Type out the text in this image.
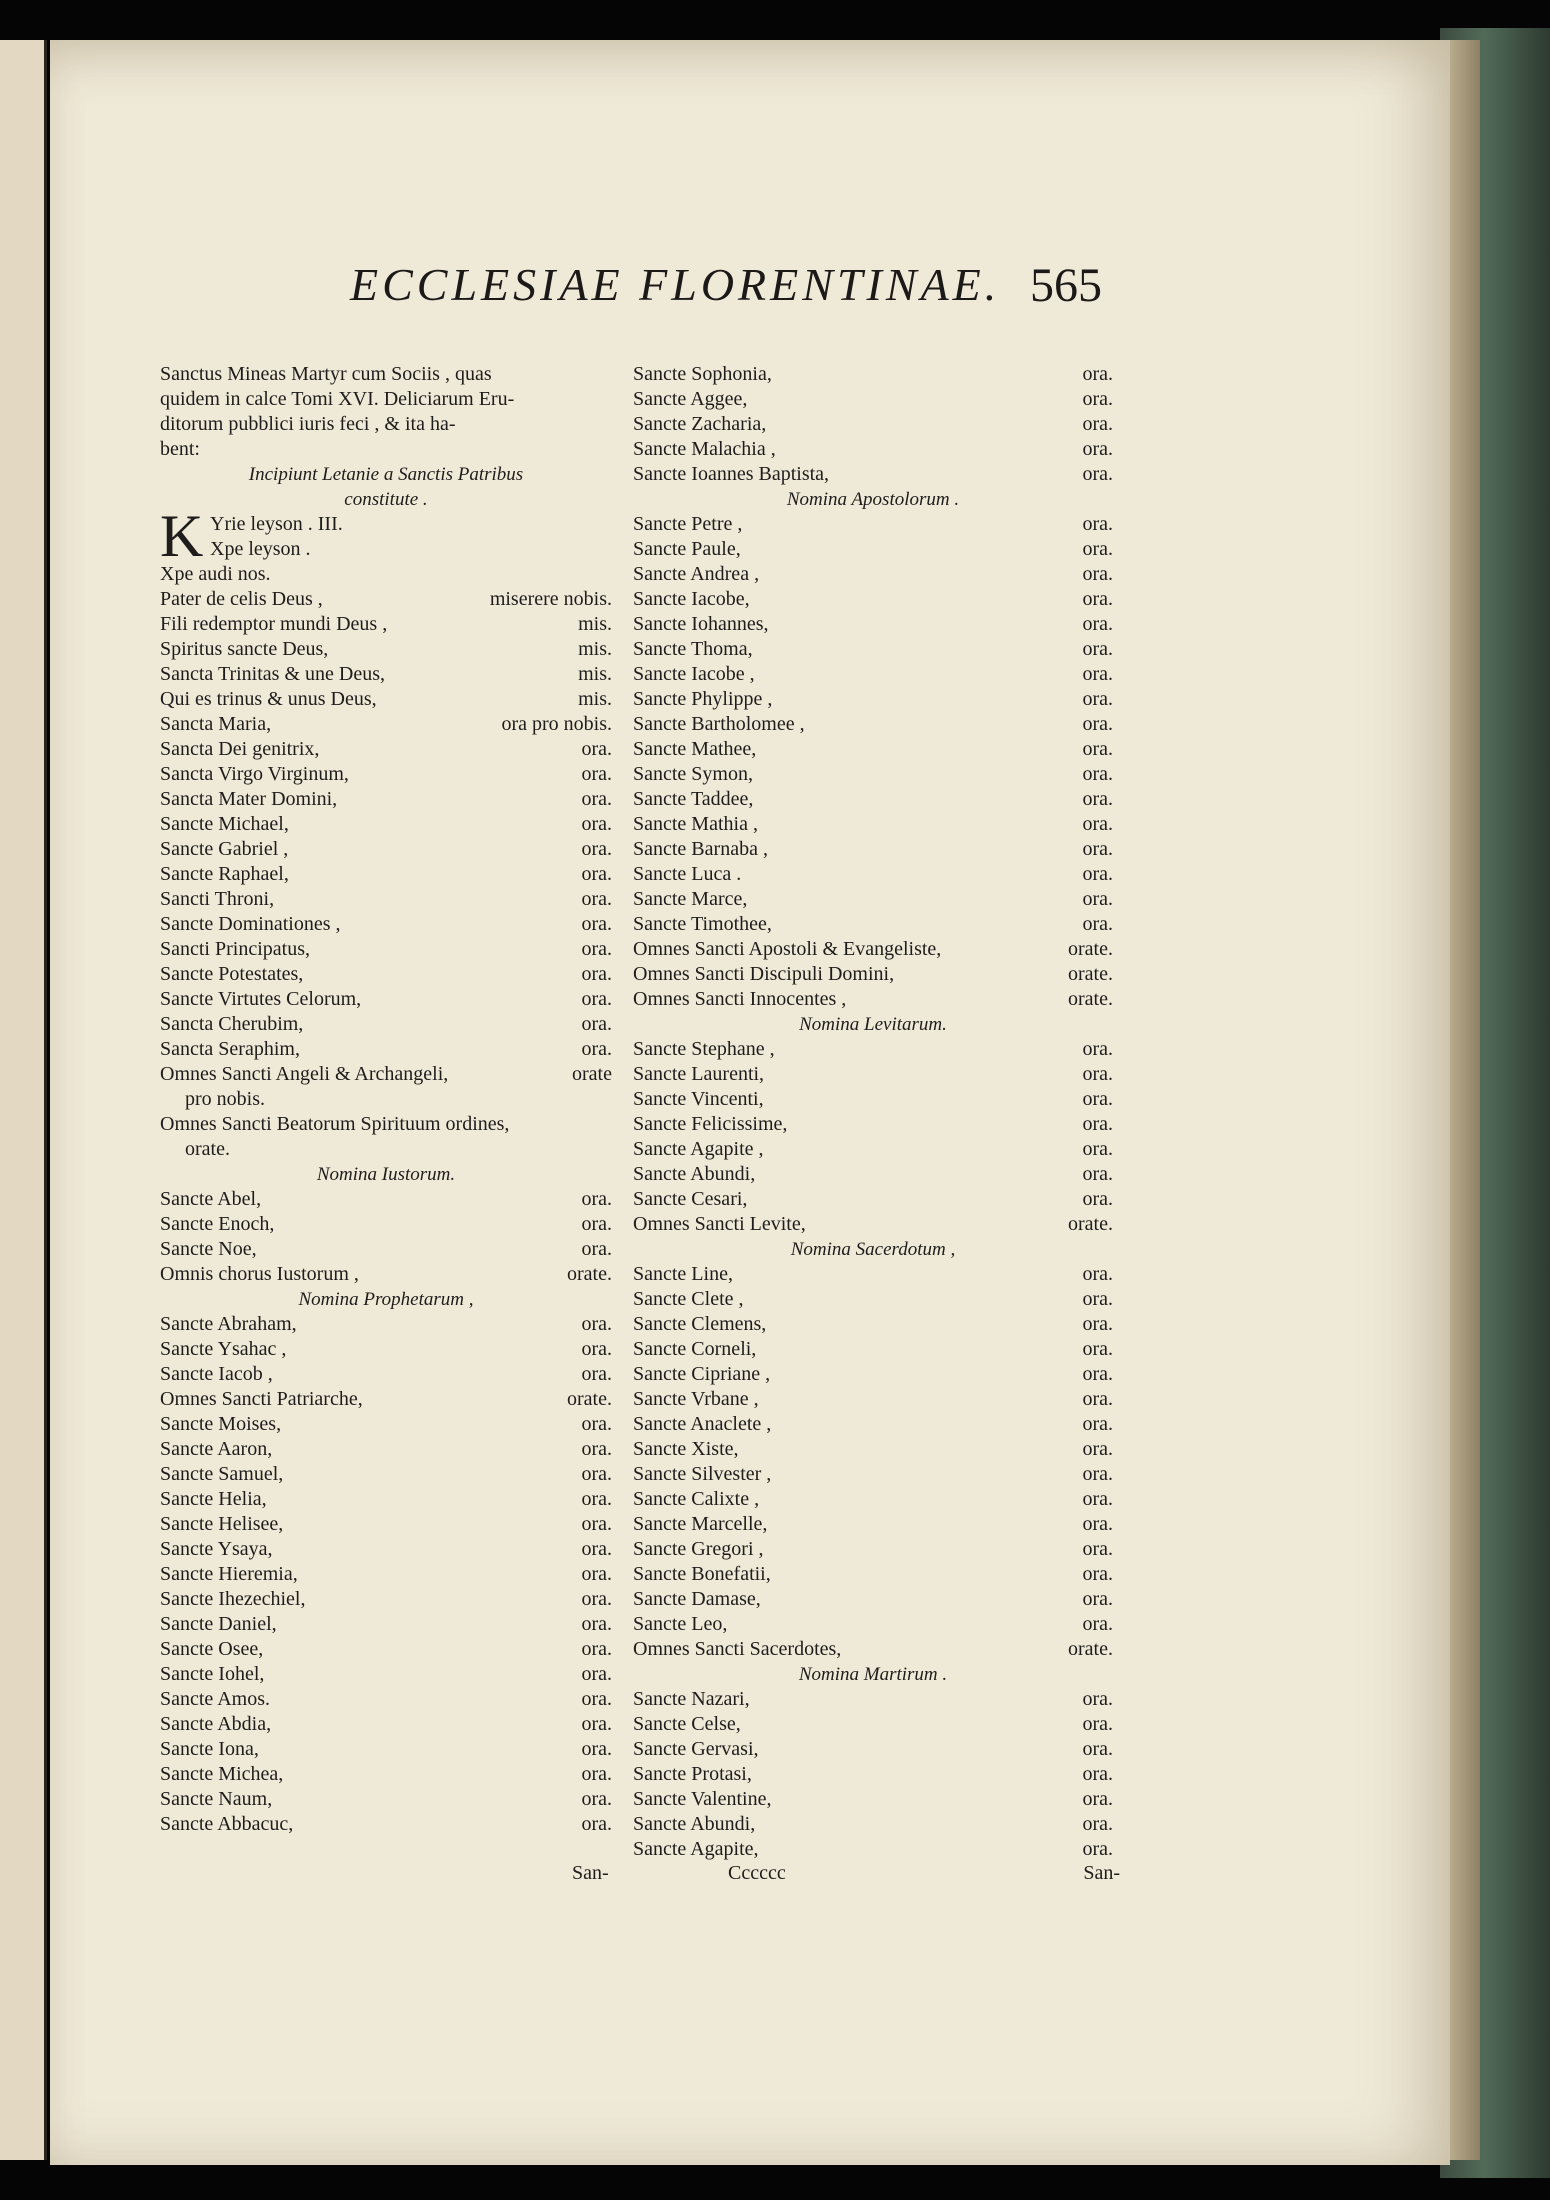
ECCLESIAE FLORENTINAE. 565

Sanctus Mineas Martyr cum Sociis , quas

quidem in calce Tomi XVI. Deliciarum Eru-

ditorum pubblici iuris feci , & ita ha-

bent:

Incipiunt Letanie a Sanctis Patribus
constitute .
K Yrie leyson . III.
Xpe leyson .
Xpe audi nos.
Pater de celis Deus ,	miserere nobis.
Fili redemptor mundi Deus ,	mis.
Spiritus sancte Deus,	mis.
Sancta Trinitas & une Deus,	mis.
Qui es trinus & unus Deus,	mis.
Sancta Maria,	ora pro nobis.
Sancta Dei genitrix,	ora.
Sancta Virgo Virginum,	ora.
Sancta Mater Domini,	ora.
Sancte Michael,	ora.
Sancte Gabriel ,	ora.
Sancte Raphael,	ora.
Sancti Throni,	ora.
Sancte Dominationes ,	ora.
Sancti Principatus,	ora.
Sancte Potestates,	ora.
Sancte Virtutes Celorum,	ora.
Sancta Cherubim,	ora.
Sancta Seraphim,	ora.
Omnes Sancti Angeli & Archangeli,	orate
pro nobis.
Omnes Sancti Beatorum Spirituum ordines,
orate.
Nomina Iustorum.
Sancte Abel,	ora.
Sancte Enoch,	ora.
Sancte Noe,	ora.
Omnis chorus Iustorum ,	orate.
Nomina Prophetarum ,
Sancte Abraham,	ora.
Sancte Ysahac ,	ora.
Sancte Iacob ,	ora.
Omnes Sancti Patriarche,	orate.
Sancte Moises,	ora.
Sancte Aaron,	ora.
Sancte Samuel,	ora.
Sancte Helia,	ora.
Sancte Helisee,	ora.
Sancte Ysaya,	ora.
Sancte Hieremia,	ora.
Sancte Ihezechiel,	ora.
Sancte Daniel,	ora.
Sancte Osee,	ora.
Sancte Iohel,	ora.
Sancte Amos.	ora.
Sancte Abdia,	ora.
Sancte Iona,	ora.
Sancte Michea,	ora.
Sancte Naum,	ora.
Sancte Abbacuc,	ora.
Sancte Sophonia,	ora.
Sancte Aggee,	ora.
Sancte Zacharia,	ora.
Sancte Malachia ,	ora.
Sancte Ioannes Baptista,	ora.
Nomina Apostolorum .
Sancte Petre ,	ora.
Sancte Paule,	ora.
Sancte Andrea ,	ora.
Sancte Iacobe,	ora.
Sancte Iohannes,	ora.
Sancte Thoma,	ora.
Sancte Iacobe ,	ora.
Sancte Phylippe ,	ora.
Sancte Bartholomee ,	ora.
Sancte Mathee,	ora.
Sancte Symon,	ora.
Sancte Taddee,	ora.
Sancte Mathia ,	ora.
Sancte Barnaba ,	ora.
Sancte Luca .	ora.
Sancte Marce,	ora.
Sancte Timothee,	ora.
Omnes Sancti Apostoli & Evangeliste,	orate.
Omnes Sancti Discipuli Domini,	orate.
Omnes Sancti Innocentes ,	orate.
Nomina Levitarum.
Sancte Stephane ,	ora.
Sancte Laurenti,	ora.
Sancte Vincenti,	ora.
Sancte Felicissime,	ora.
Sancte Agapite ,	ora.
Sancte Abundi,	ora.
Sancte Cesari,	ora.
Omnes Sancti Levite,	orate.
Nomina Sacerdotum ,
Sancte Line,	ora.
Sancte Clete ,	ora.
Sancte Clemens,	ora.
Sancte Corneli,	ora.
Sancte Cipriane ,	ora.
Sancte Vrbane ,	ora.
Sancte Anaclete ,	ora.
Sancte Xiste,	ora.
Sancte Silvester ,	ora.
Sancte Calixte ,	ora.
Sancte Marcelle,	ora.
Sancte Gregori ,	ora.
Sancte Bonefatii,	ora.
Sancte Damase,	ora.
Sancte Leo,	ora.
Omnes Sancti Sacerdotes,	orate.
Nomina Martirum .
Sancte Nazari,	ora.
Sancte Celse,	ora.
Sancte Gervasi,	ora.
Sancte Protasi,	ora.
Sancte Valentine,	ora.
Sancte Abundi,	ora.
Sancte Agapite,	ora.
San-	Cccccc	San-
